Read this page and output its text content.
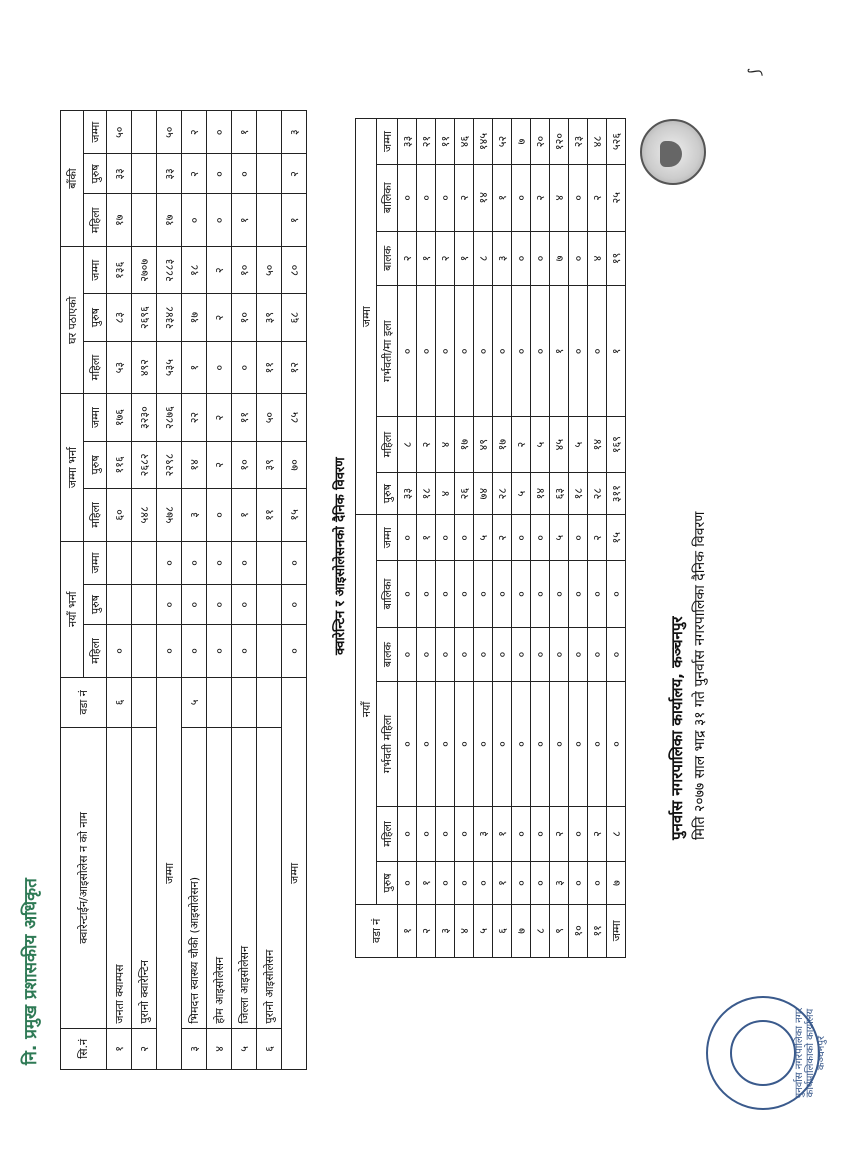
पुनर्वास नगरपालिका कार्यालय, कञ्चनपुर मिति २०७७ साल भाद्र ३१ गते पुनर्वास नगरपालिका दैनिक विवरण
पुनर्वास नगरपालिका नगर कार्यपालिकाको कार्यालय कञ्चनपुर
⟆
वडा नं	नयाँ						जम्मा					
	पुरुष	महिला	गर्भवती महिला	बालक	बालिका	जम्मा	पुरुष	महिला	गर्भवती/मा इला	बालक	बालिका	जम्मा
१	०	०	०	०	०	०	३३	८	०	२	०	३३
२	१	०	०	०	०	१	१८	२	०	१	०	२१
३	०	०	०	०	०	०	४	४	०	२	०	११
४	०	०	०	०	०	०	२६	१७	०	१	२	४६
५	०	३	०	०	०	५	७४	४९	०	८	१४	१४५
६	१	१	०	०	०	२	२८	१७	०	३	१	५२
७	०	०	०	०	०	०	५	२	०	०	०	७
८	०	०	०	०	०	०	१४	५	०	०	२	२०
९	३	२	०	०	०	५	६३	४५	१	७	४	१२०
१०	०	०	०	०	०	०	१८	५	०	०	०	२३
११	०	२	०	०	०	२	२८	१४	०	४	२	४८
जम्मा	७	८	०	०	०	१५	३११	१६९	१	१९	२५	५२६
क्वारेन्टिन र आइसोलेसनको दैनिक विवरण
सि.नं	क्वारेन्टाईन/आइसोलेस न को नाम	वडा नं	नयाँ भर्ना			जम्मा भर्ना			घर पठाएको			बाँकी		
			महिला	पुरुष	जम्मा	महिला	पुरुष	जम्मा	महिला	पुरुष	जम्मा	महिला	पुरुष	जम्मा
१	जनता क्याम्पस	६	०			६०	११६	१७६	५३	८३	१३६	१७	३३	५०
२	पुरानो क्वारेन्टिन					५४८	२६८२	३२३०	४९२	२६९६	२७०७			
जम्मा			०	०	०	५७८	२२९८	२८७६	५३५	२३४८	२८८३	१७	३३	५०
३	भिमदत्त स्वास्थ्य चौकी (आइसोलेसन)	५	०	०	०	३	१४	२२	१	१७	१८	०	२	२
४	होम आइसोलेसन		०	०	०	०	२	२	०	२	२	०	०	०
५	जिल्ला आइसोलेसन		०	०	०	१	१०	११	०	१०	१०	१	०	१
६	पुरानो आइसोलेसन					११	३९	५०	११	३९	५०			
जम्मा			०	०	०	१५	७०	८५	१२	६८	८०	१	२	३
नि. प्रमुख प्रशासकीय अधिकृत
